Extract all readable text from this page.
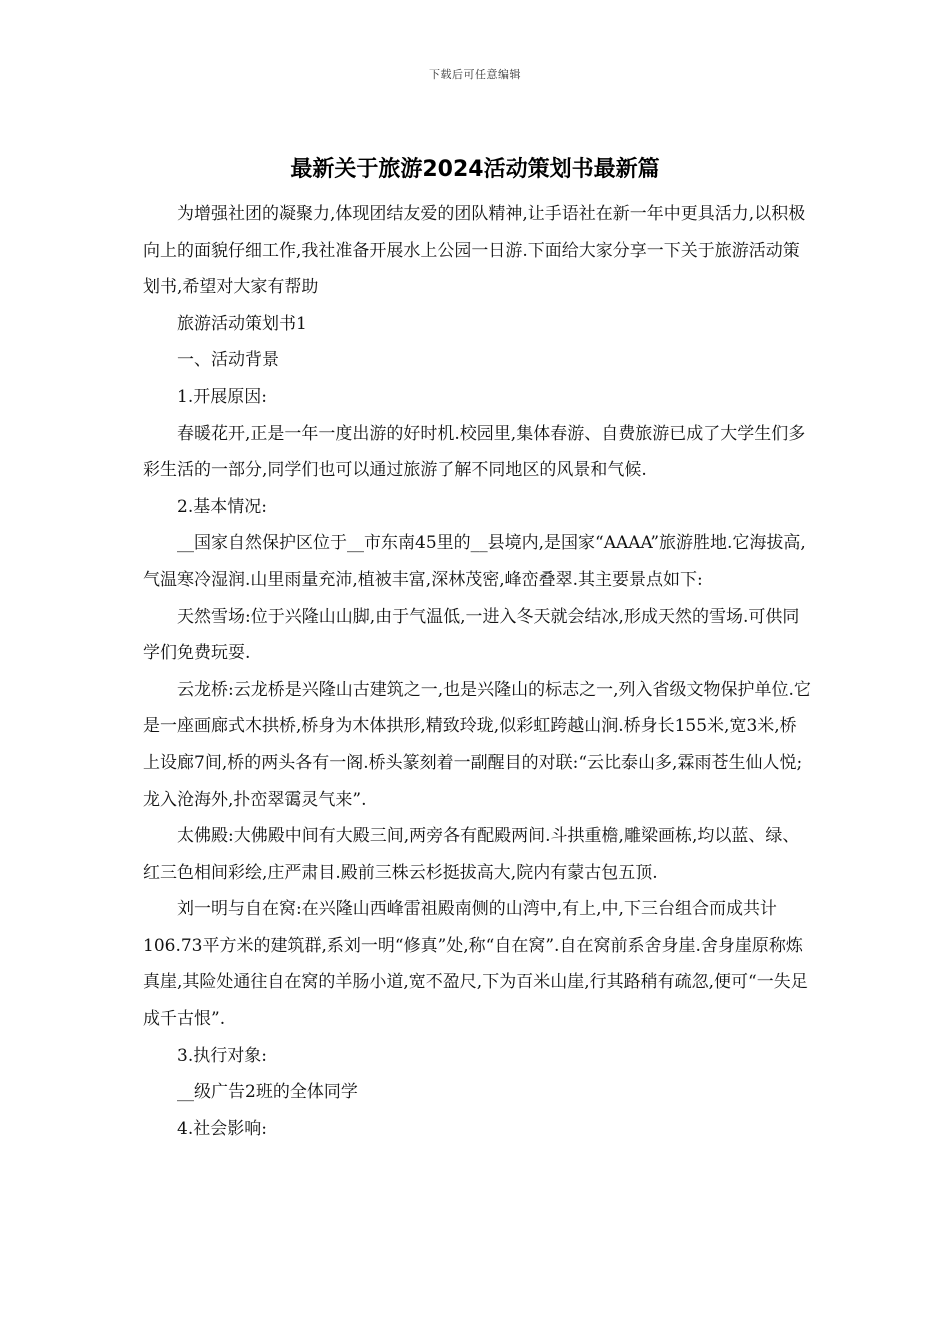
下载后可任意编辑
最新关于旅游2024活动策划书最新篇

为增强社团的凝聚力,体现团结友爱的团队精神,让手语社在新一年中更具活力,以积极向上的面貌仔细工作,我社准备开展水上公园一日游.下面给大家分享一下关于旅游活动策划书,希望对大家有帮助

旅游活动策划书1

一、活动背景

1.开展原因:

春暖花开,正是一年一度出游的好时机.校园里,集体春游、自费旅游已成了大学生们多彩生活的一部分,同学们也可以通过旅游了解不同地区的风景和气候.

2.基本情况:

__国家自然保护区位于__市东南45里的__县境内,是国家“AAAA”旅游胜地.它海拔高,气温寒冷湿润.山里雨量充沛,植被丰富,深林茂密,峰峦叠翠.其主要景点如下:

天然雪场:位于兴隆山山脚,由于气温低,一进入冬天就会结冰,形成天然的雪场.可供同学们免费玩耍.

云龙桥:云龙桥是兴隆山古建筑之一,也是兴隆山的标志之一,列入省级文物保护单位.它是一座画廊式木拱桥,桥身为木体拱形,精致玲珑,似彩虹跨越山涧.桥身长155米,宽3米,桥上设廊7间,桥的两头各有一阁.桥头篆刻着一副醒目的对联:“云比泰山多,霖雨苍生仙人悦;龙入沧海外,扑峦翠霭灵气来”.

太佛殿:大佛殿中间有大殿三间,两旁各有配殿两间.斗拱重檐,雕梁画栋,均以蓝、绿、红三色相间彩绘,庄严肃目.殿前三株云杉挺拔高大,院内有蒙古包五顶.

刘一明与自在窝:在兴隆山西峰雷祖殿南侧的山湾中,有上,中,下三台组合而成共计106.73平方米的建筑群,系刘一明“修真”处,称“自在窝”.自在窝前系舍身崖.舍身崖原称炼真崖,其险处通往自在窝的羊肠小道,宽不盈尺,下为百米山崖,行其路稍有疏忽,便可“一失足成千古恨”.

3.执行对象:

__级广告2班的全体同学

4.社会影响:
